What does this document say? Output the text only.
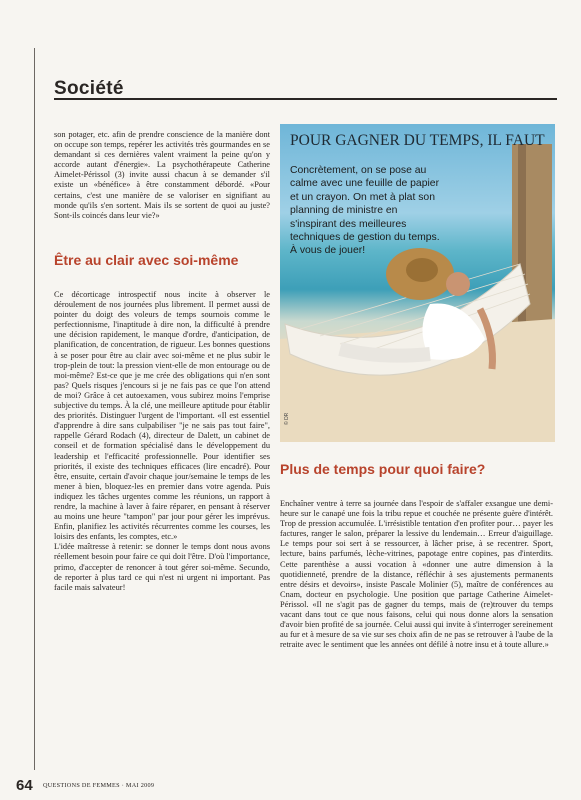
Société

son potager, etc. afin de prendre conscience de la manière dont on occupe son temps, repérer les activités très gourmandes en se demandant si ces dernières valent vraiment la peine qu'on y accorde autant d'énergie». La psychothérapeute Catherine Aimelet-Périssol (3) invite aussi chacun à se demander s'il existe un «bénéfice» à être constamment débordé. «Pour certains, c'est une manière de se valoriser en signifiant au monde qu'ils s'en sortent. Mais ils se sortent de quoi au juste? Sont-ils coincés dans leur vie?»

Être au clair avec soi-même

Ce décorticage introspectif nous incite à observer le déroulement de nos journées plus librement. Il permet aussi de pointer du doigt des voleurs de temps sournois comme le perfectionnisme, l'inaptitude à dire non, la difficulté à prendre une décision rapidement, le manque d'ordre, d'anticipation, de planification, de concentration, de rigueur. Les bonnes questions à se poser pour être au clair avec soi-même et ne plus subir le trop-plein de tout: la pression vient-elle de mon entourage ou de moi-même? Est-ce que je me crée des obligations qui n'en sont pas? Quels risques j'encours si je ne fais pas ce que l'on attend de moi? Grâce à cet autoexamen, vous subirez moins l'emprise subjective du temps. À la clé, une meilleure aptitude pour établir des priorités. Distinguer l'urgent de l'important. «Il est essentiel d'apprendre à dire sans culpabiliser "je ne sais pas tout faire", rappelle Gérard Rodach (4), directeur de Dalett, un cabinet de conseil et de formation spécialisé dans le développement du leadership et l'efficacité professionnelle. Pour identifier ses priorités, il existe des techniques efficaces (lire encadré). Pour être, ensuite, certain d'avoir chaque jour/semaine le temps de les mener à bien, bloquez-les en premier dans votre agenda. Puis indiquez les tâches urgentes comme les réunions, un rapport à rendre, la machine à laver à faire réparer, en pensant à réserver au moins une heure "tampon" par jour pour gérer les imprévus. Enfin, planifiez les activités récurrentes comme les courses, les loisirs des enfants, les comptes, etc.»

L'idée maîtresse à retenir: se donner le temps dont nous avons réellement besoin pour faire ce qui doit l'être. D'où l'importance, primo, d'accepter de renoncer à tout gérer soi-même. Secundo, de reporter à plus tard ce qui n'est ni urgent ni important. Pas facile mais salvateur!

POUR GAGNER DU TEMPS, IL FAUT
Concrètement, on se pose au calme avec une feuille de papier et un crayon. On met à plat son planning de ministre en s'inspirant des meilleures techniques de gestion du temps. À vous de jouer!
© DR
Plus de temps pour quoi faire?

Enchaîner ventre à terre sa journée dans l'espoir de s'affaler exsangue une demi-heure sur le canapé une fois la tribu repue et couchée ne présente guère d'intérêt. Trop de pression accumulée. L'irrésistible tentation d'en profiter pour… payer les factures, ranger le salon, préparer la lessive du lendemain… Erreur d'aiguillage. Le temps pour soi sert à se ressourcer, à lâcher prise, à se recentrer. Sport, lecture, bains parfumés, lèche-vitrines, papotage entre copines, pas d'interdits. Cette parenthèse a aussi vocation à «donner une autre dimension à la quotidienneté, prendre de la distance, réfléchir à ses ajustements permanents entre désirs et devoirs», insiste Pascale Molinier (5), maître de conférences au Cnam, docteur en psychologie. Une position que partage Catherine Aimelet-Périssol. «Il ne s'agit pas de gagner du temps, mais de (re)trouver du temps vacant dans tout ce que nous faisons, celui qui nous donne alors la sensation d'avoir bien profité de sa journée. Celui aussi qui invite à s'interroger sereinement au fur et à mesure de sa vie sur ses choix afin de ne pas se retrouver à l'aube de la retraite avec le sentiment que les années ont défilé à notre insu et à toute allure.»

64 QUESTIONS DE FEMMES · MAI 2009
